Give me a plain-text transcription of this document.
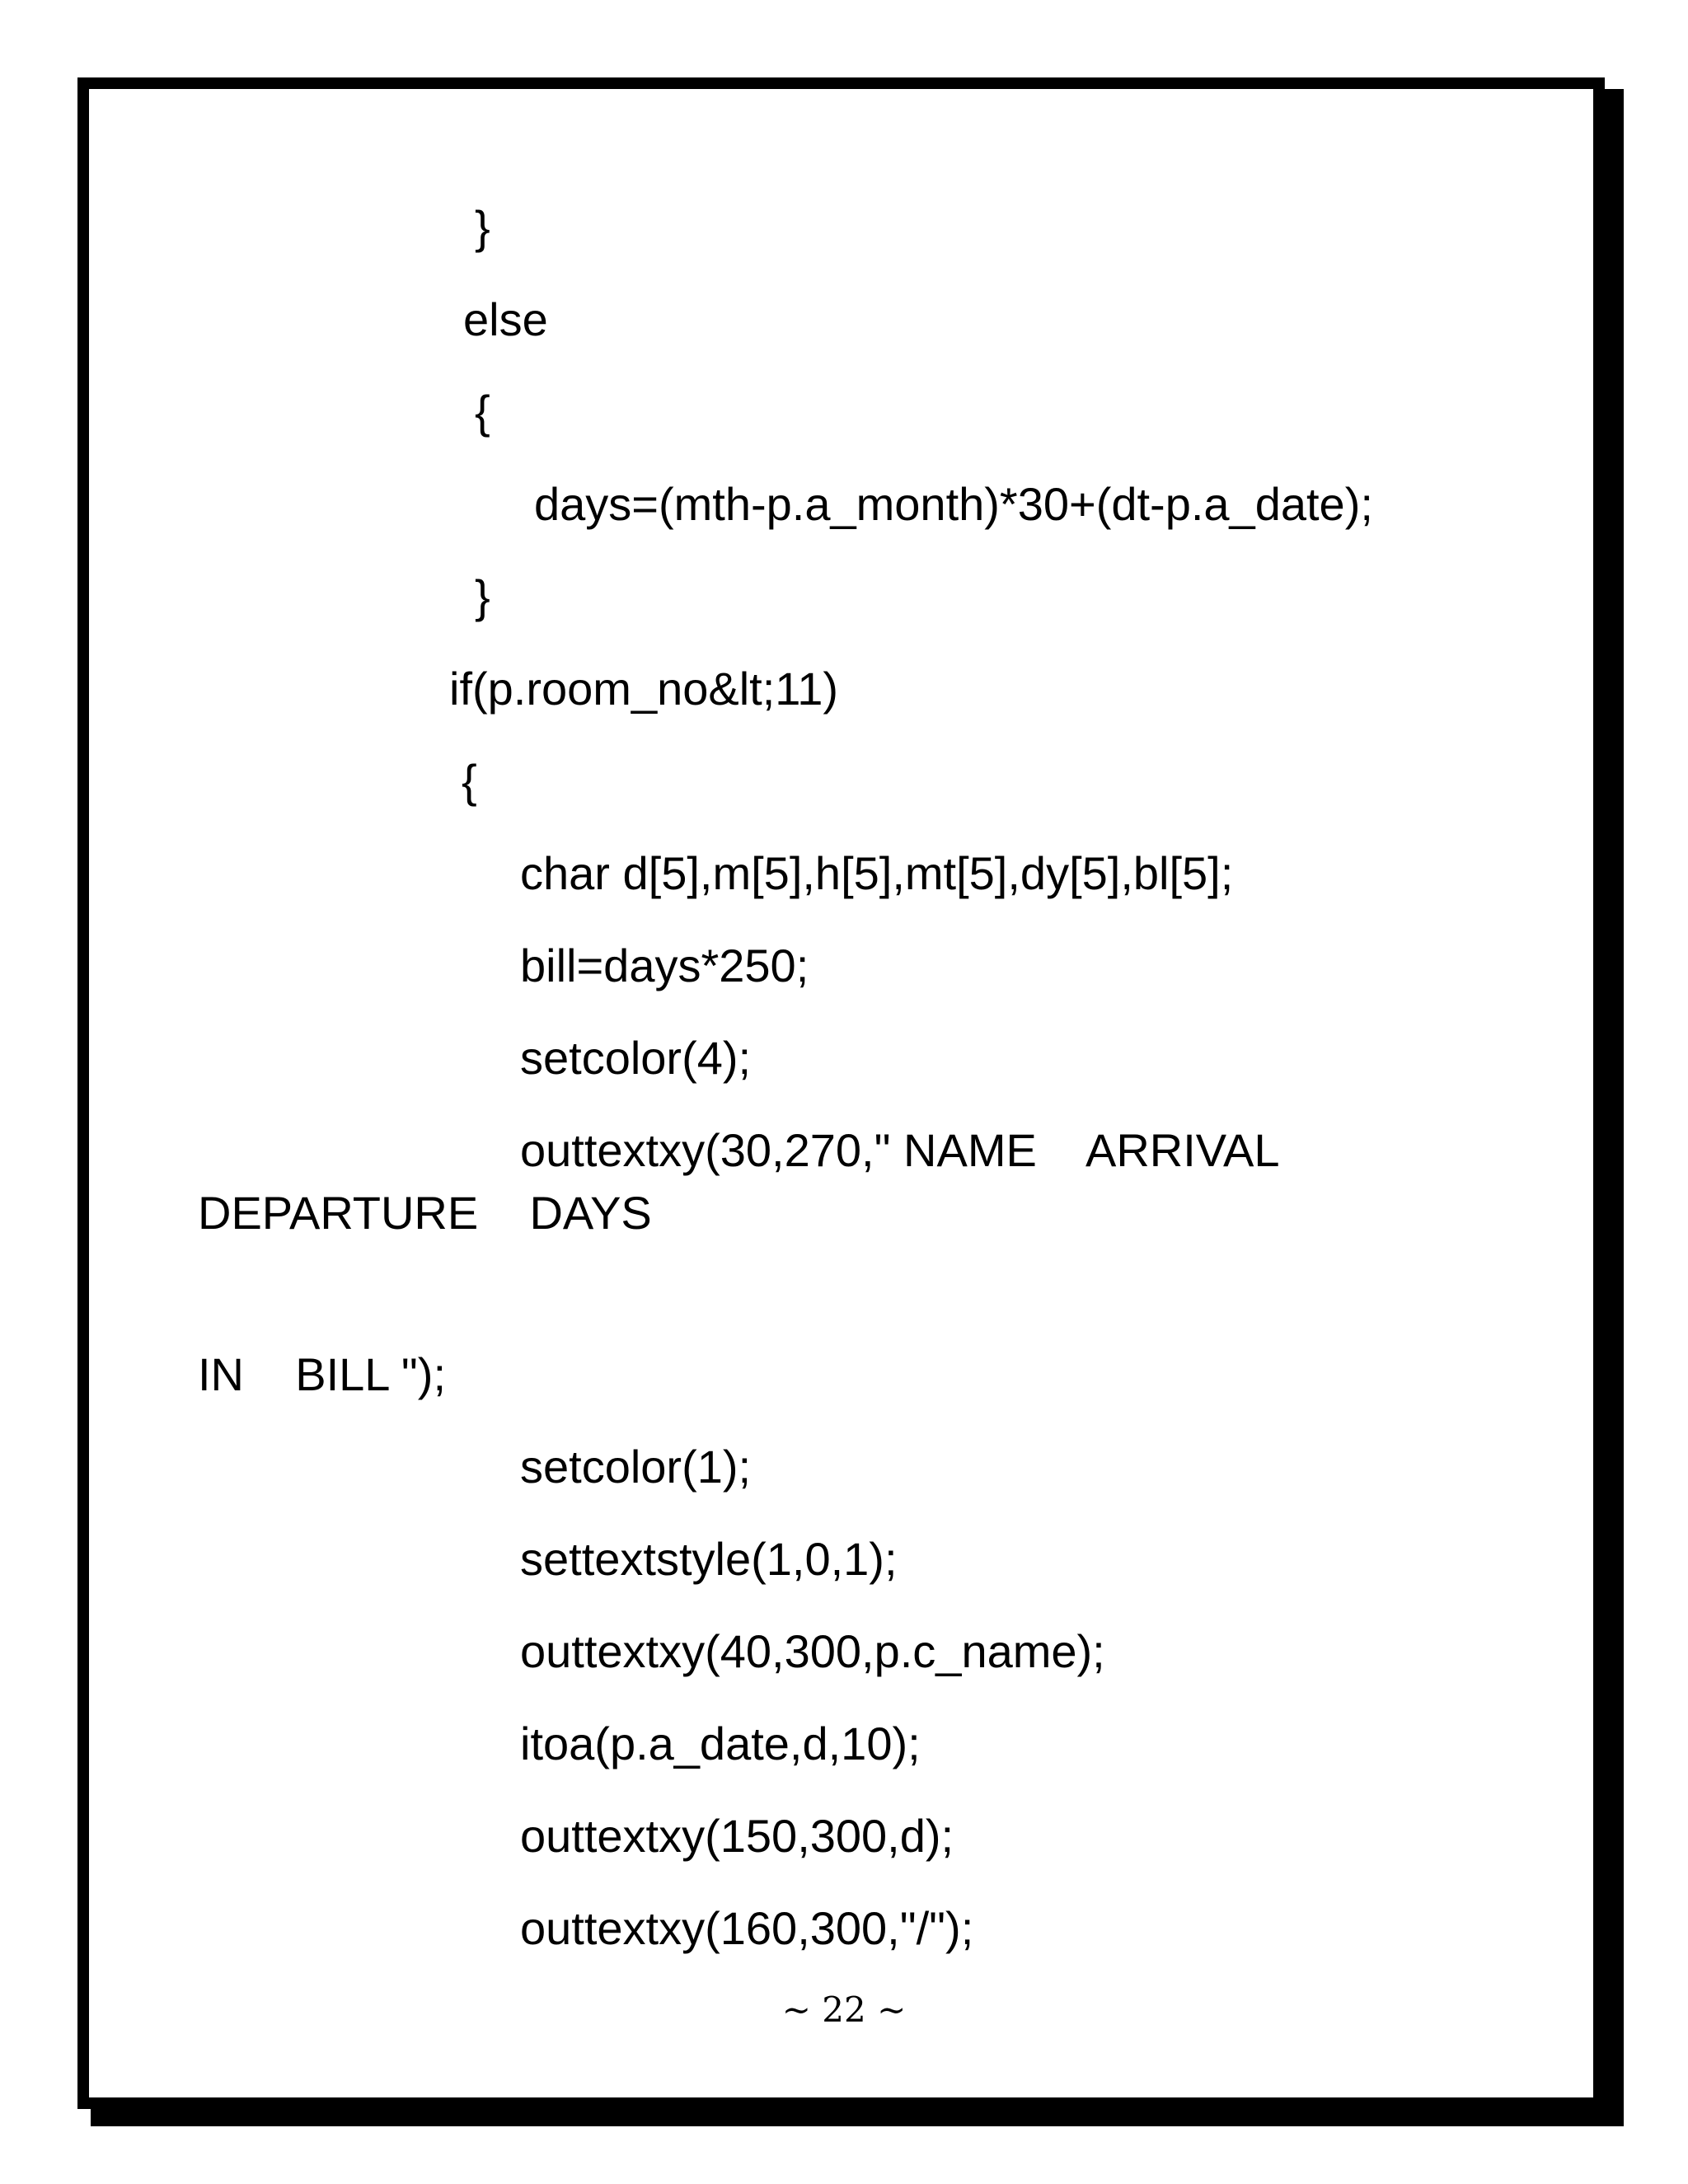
}
else
{
days=(mth-p.a_month)*30+(dt-p.a_date);
}
if(p.room_no&lt;11)
{
char d[5],m[5],h[5],mt[5],dy[5],bl[5];
bill=days*250;
setcolor(4);
outtextxy(30,270," NAME    ARRIVAL
DEPARTURE    DAYS
IN    BILL ");
setcolor(1);
settextstyle(1,0,1);
outtextxy(40,300,p.c_name);
itoa(p.a_date,d,10);
outtextxy(150,300,d);
outtextxy(160,300,"/");
~ 22 ~
